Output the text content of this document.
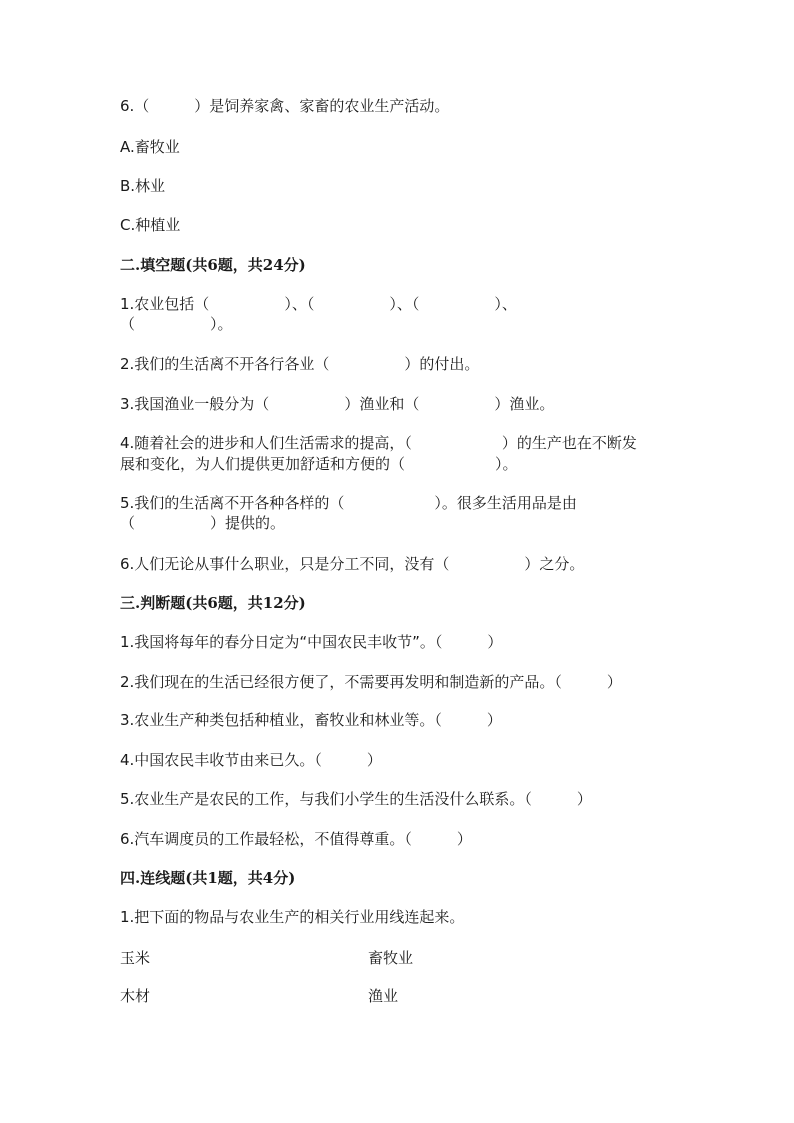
6.（　　　）是饲养家禽、家畜的农业生产活动。

A.畜牧业

B.林业

C.种植业

二.填空题(共6题，共24分)

1.农业包括（　　　　　）、（　　　　　）、（　　　　　）、

（　　　　　）。

2.我们的生活离不开各行各业（　　　　　）的付出。

3.我国渔业一般分为（　　　　　）渔业和（　　　　　）渔业。

4.随着社会的进步和人们生活需求的提高，（　　　　　　）的生产也在不断发

展和变化，为人们提供更加舒适和方便的（　　　　　　）。

5.我们的生活离不开各种各样的（　　　　　　）。很多生活用品是由

（　　　　　）提供的。

6.人们无论从事什么职业，只是分工不同，没有（　　　　　）之分。

三.判断题(共6题，共12分)

1.我国将每年的春分日定为“中国农民丰收节”。（　　　）

2.我们现在的生活已经很方便了，不需要再发明和制造新的产品。（　　　）

3.农业生产种类包括种植业，畜牧业和林业等。（　　　）

4.中国农民丰收节由来已久。（　　　）

5.农业生产是农民的工作，与我们小学生的生活没什么联系。（　　　）

6.汽车调度员的工作最轻松，不值得尊重。（　　　）

四.连线题(共1题，共4分)

1.把下面的物品与农业生产的相关行业用线连起来。

玉米	畜牧业

木材	渔业
